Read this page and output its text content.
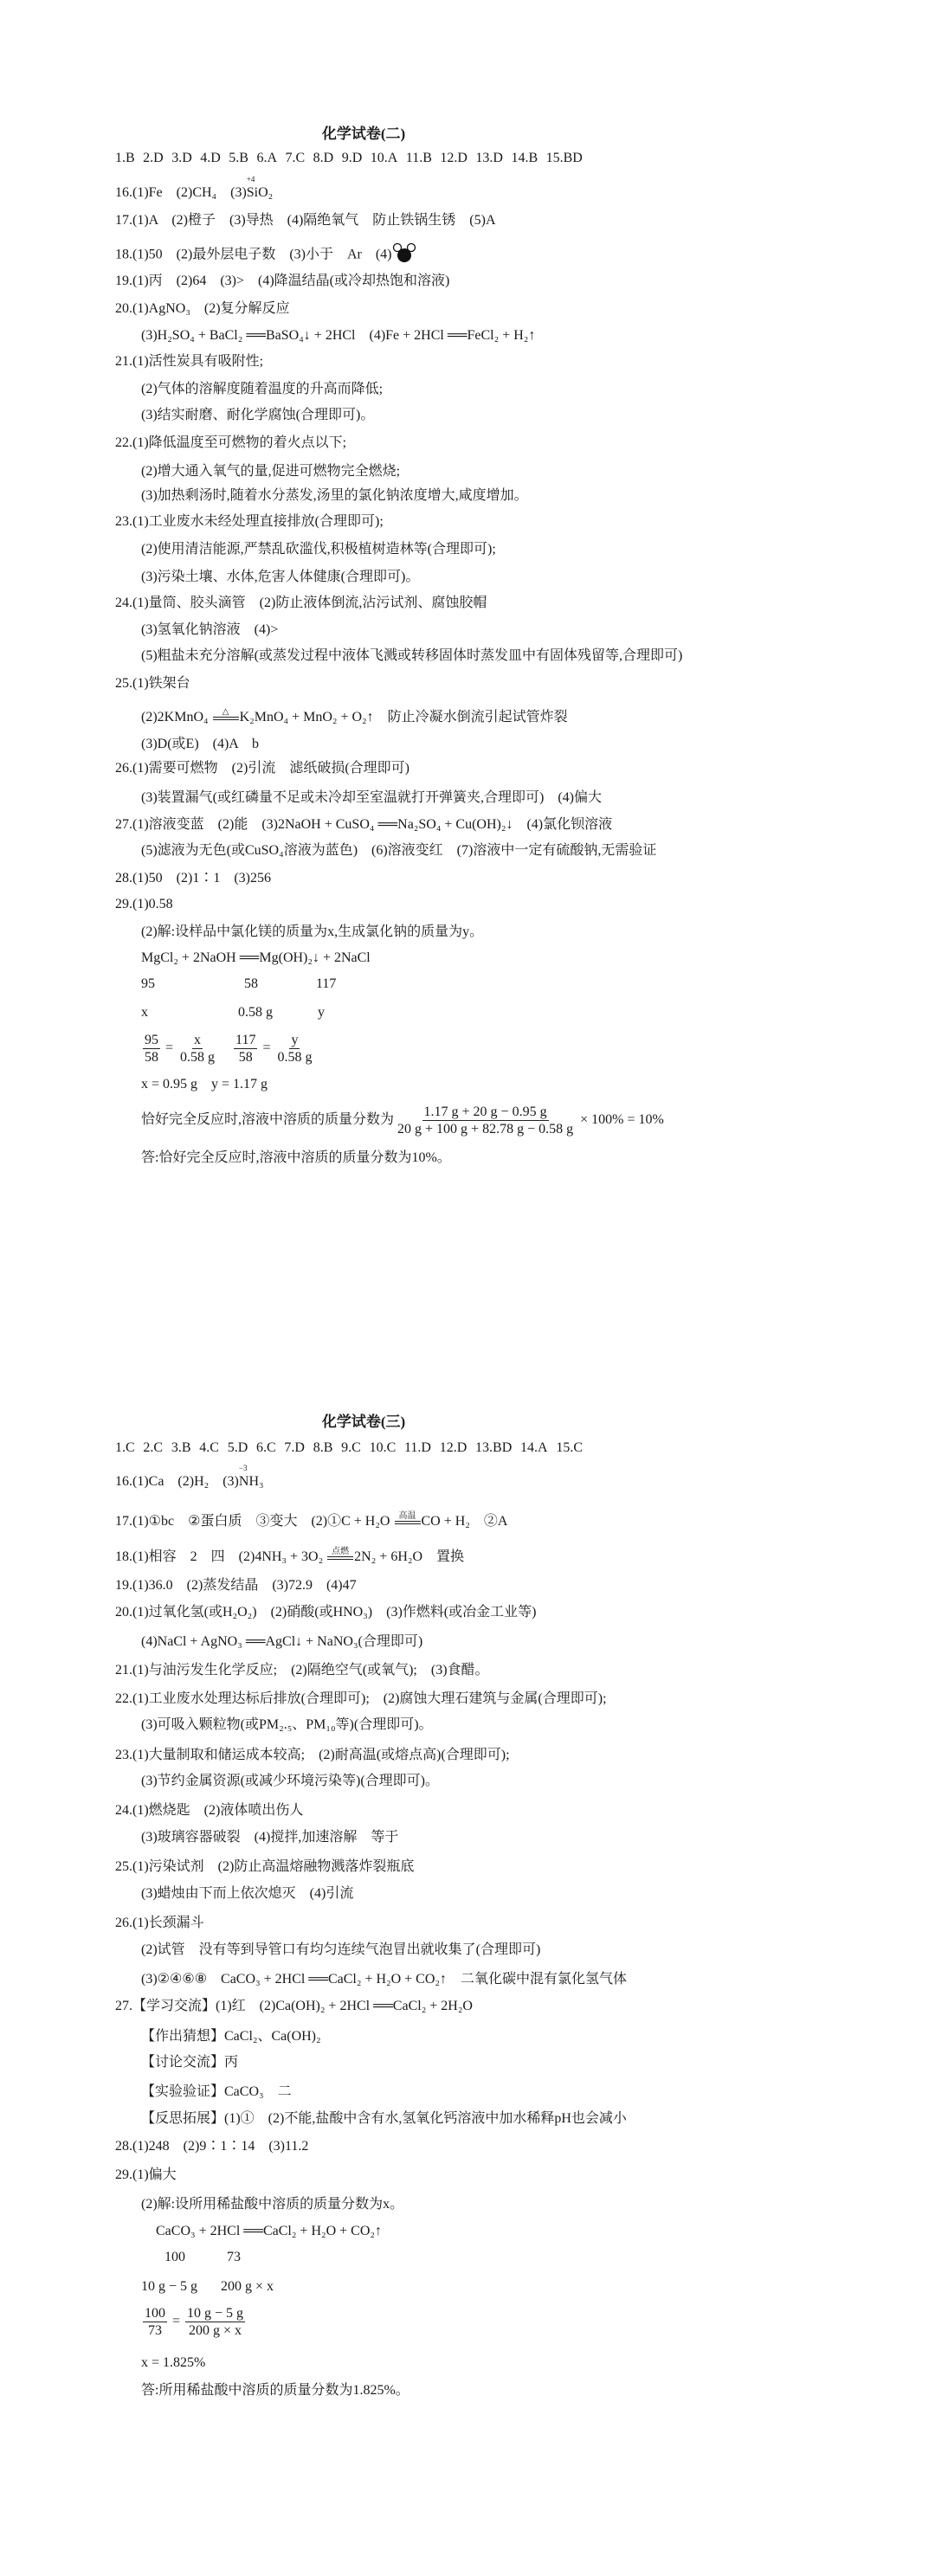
化学试卷(二)
1.B 2.D 3.D 4.D 5.B 6.A 7.C 8.D 9.D 10.A 11.B 12.D 13.D 14.B 15.BD
16.(1)Fe　(2)CH₄　(3)
+4
SiO₂
17.(1)A　(2)橙子　(3)导热　(4)隔绝氧气　防止铁锅生锈　(5)A
18.(1)50　(2)最外层电子数　(3)小于　Ar　(4)
19.(1)丙　(2)64　(3)>　(4)降温结晶(或冷却热饱和溶液)
20.(1)AgNO₃　(2)复分解反应
(3)H₂SO₄ + BaCl₂ ══BaSO₄↓ + 2HCl　(4)Fe + 2HCl ══FeCl₂ + H₂↑
21.(1)活性炭具有吸附性;
(2)气体的溶解度随着温度的升高而降低;
(3)结实耐磨、耐化学腐蚀(合理即可)。
22.(1)降低温度至可燃物的着火点以下;
(2)增大通入氧气的量,促进可燃物完全燃烧;
(3)加热剩汤时,随着水分蒸发,汤里的氯化钠浓度增大,咸度增加。
23.(1)工业废水未经处理直接排放(合理即可);
(2)使用清洁能源,严禁乱砍滥伐,积极植树造林等(合理即可);
(3)污染土壤、水体,危害人体健康(合理即可)。
24.(1)量筒、胶头滴管　(2)防止液体倒流,沾污试剂、腐蚀胶帽
(3)氢氧化钠溶液　(4)>
(5)粗盐未充分溶解(或蒸发过程中液体飞溅或转移固体时蒸发皿中有固体残留等,合理即可)
25.(1)铁架台
(2)2KMnO₄ △ K₂MnO₄ + MnO₂ + O₂↑　防止冷凝水倒流引起试管炸裂
(3)D(或E)　(4)A　b
26.(1)需要可燃物　(2)引流　滤纸破损(合理即可)
(3)装置漏气(或红磷量不足或未冷却至室温就打开弹簧夹,合理即可)　(4)偏大
27.(1)溶液变蓝　(2)能　(3)2NaOH + CuSO₄ ══Na₂SO₄ + Cu(OH)₂↓　(4)氯化钡溶液
(5)滤液为无色(或CuSO₄溶液为蓝色)　(6)溶液变红　(7)溶液中一定有硫酸钠,无需验证
28.(1)50　(2)1∶1　(3)256
29.(1)0.58
(2)解:设样品中氯化镁的质量为x,生成氯化钠的质量为y。
MgCl₂ + 2NaOH ══Mg(OH)₂↓ + 2NaCl
95	58	117
x	0.58 g	y
$\frac{95}{58} = \frac{x}{0.58 g}$
　 $\frac{117}{58} = \frac{y}{0.58 g}$
x = 0.95 g　y = 1.17 g
恰好完全反应时,溶液中溶质的质量分数为 $\frac{1.17 g + 20 g - 0.95 g}{20 g + 100 g + 82.78 g - 0.58 g} \times 100\% = 10\%$
答:恰好完全反应时,溶液中溶质的质量分数为10%。
化学试卷(三)
1.C 2.C 3.B 4.C 5.D 6.C 7.D 8.B 9.C 10.C 11.D 12.D 13.BD 14.A 15.C
16.(1)Ca　(2)H₂　(3)
−3
NH₃
17.(1)①bc　②蛋白质　③变大　(2)①C + H₂O 高温 CO + H₂　②A
18.(1)相容　2　四　(2)4NH₃ + 3O₂ 点燃 2N₂ + 6H₂O　置换
19.(1)36.0　(2)蒸发结晶　(3)72.9　(4)47
20.(1)过氧化氢(或H₂O₂)　(2)硝酸(或HNO₃)　(3)作燃料(或冶金工业等)
(4)NaCl + AgNO₃ ══AgCl↓ + NaNO₃(合理即可)
21.(1)与油污发生化学反应;　(2)隔绝空气(或氧气);　(3)食醋。
22.(1)工业废水处理达标后排放(合理即可);　(2)腐蚀大理石建筑与金属(合理即可);
(3)可吸入颗粒物(或PM₂.₅、PM₁₀等)(合理即可)。
23.(1)大量制取和储运成本较高;　(2)耐高温(或熔点高)(合理即可);
(3)节约金属资源(或减少环境污染等)(合理即可)。
24.(1)燃烧匙　(2)液体喷出伤人
(3)玻璃容器破裂　(4)搅拌,加速溶解　等于
25.(1)污染试剂　(2)防止高温熔融物溅落炸裂瓶底
(3)蜡烛由下而上依次熄灭　(4)引流
26.(1)长颈漏斗
(2)试管　没有等到导管口有均匀连续气泡冒出就收集了(合理即可)
(3)②④⑥⑧　CaCO₃ + 2HCl ══CaCl₂ + H₂O + CO₂↑　二氧化碳中混有氯化氢气体
27.【学习交流】(1)红　(2)Ca(OH)₂ + 2HCl ══CaCl₂ + 2H₂O
【作出猜想】CaCl₂、Ca(OH)₂
【讨论交流】丙
【实验验证】CaCO₃　二
【反思拓展】(1)①　(2)不能,盐酸中含有水,氢氧化钙溶液中加水稀释pH也会减小
28.(1)248　(2)9∶1∶14　(3)11.2
29.(1)偏大
(2)解:设所用稀盐酸中溶质的质量分数为x。
CaCO₃ + 2HCl ══CaCl₂ + H₂O + CO₂↑
100	73
10 g − 5 g 200 g × x
$\frac{100}{73} = \frac{10 g - 5 g}{200 g \times x}$
x = 1.825%
答:所用稀盐酸中溶质的质量分数为1.825%。
